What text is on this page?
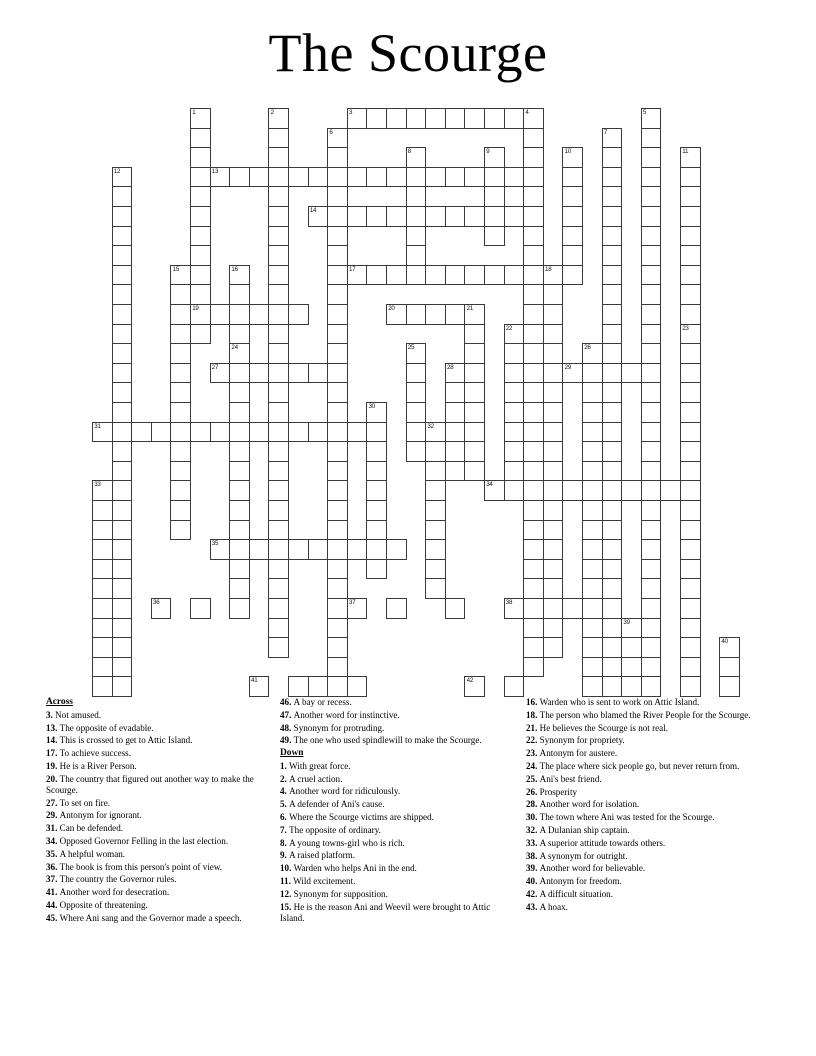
The Scourge
1	2	3	4	5
6	7
8	9	10	11
12	13
14
15	16	17	18
19	20	21
22	23
24	25	26
27	28	29
30
31	32
33	34
35
36	37	38
39
40
41	42
Across

3. Not amused.

13. The opposite of evadable.

14. This is crossed to get to Attic Island.

17. To achieve success.

19. He is a River Person.

20. The country that figured out another way to make the Scourge.

27. To set on fire.

29. Antonym for ignorant.

31. Can be defended.

34. Opposed Governor Felling in the last election.

35. A helpful woman.

36. The book is from this person's point of view.

37. The country the Governor rules.

41. Another word for desecration.

44. Opposite of threatening.

45. Where Ani sang and the Governor made a speech.

46. A bay or recess.

47. Another word for instinctive.

48. Synonym for protruding.

49. The one who used spindlewill to make the Scourge.

Down

1. With great force.

2. A cruel action.

4. Another word for ridiculously.

5. A defender of Ani's cause.

6. Where the Scourge victims are shipped.

7. The opposite of ordinary.

8. A young towns-girl who is rich.

9. A raised platform.

10. Warden who helps Ani in the end.

11. Wild excitement.

12. Synonym for supposition.

15. He is the reason Ani and Weevil were brought to Attic Island.

16. Warden who is sent to work on Attic Island.

18. The person who blamed the River People for the Scourge.

21. He believes the Scourge is not real.

22. Synonym for propriety.

23. Antonym for austere.

24. The place where sick people go, but never return from.

25. Ani's best friend.

26. Prosperity

28. Another word for isolation.

30. The town where Ani was tested for the Scourge.

32. A Dulanian ship captain.

33. A superior attitude towards others.

38. A synonym for outright.

39. Another word for believable.

40. Antonym for freedom.

42. A difficult situation.

43. A hoax.
